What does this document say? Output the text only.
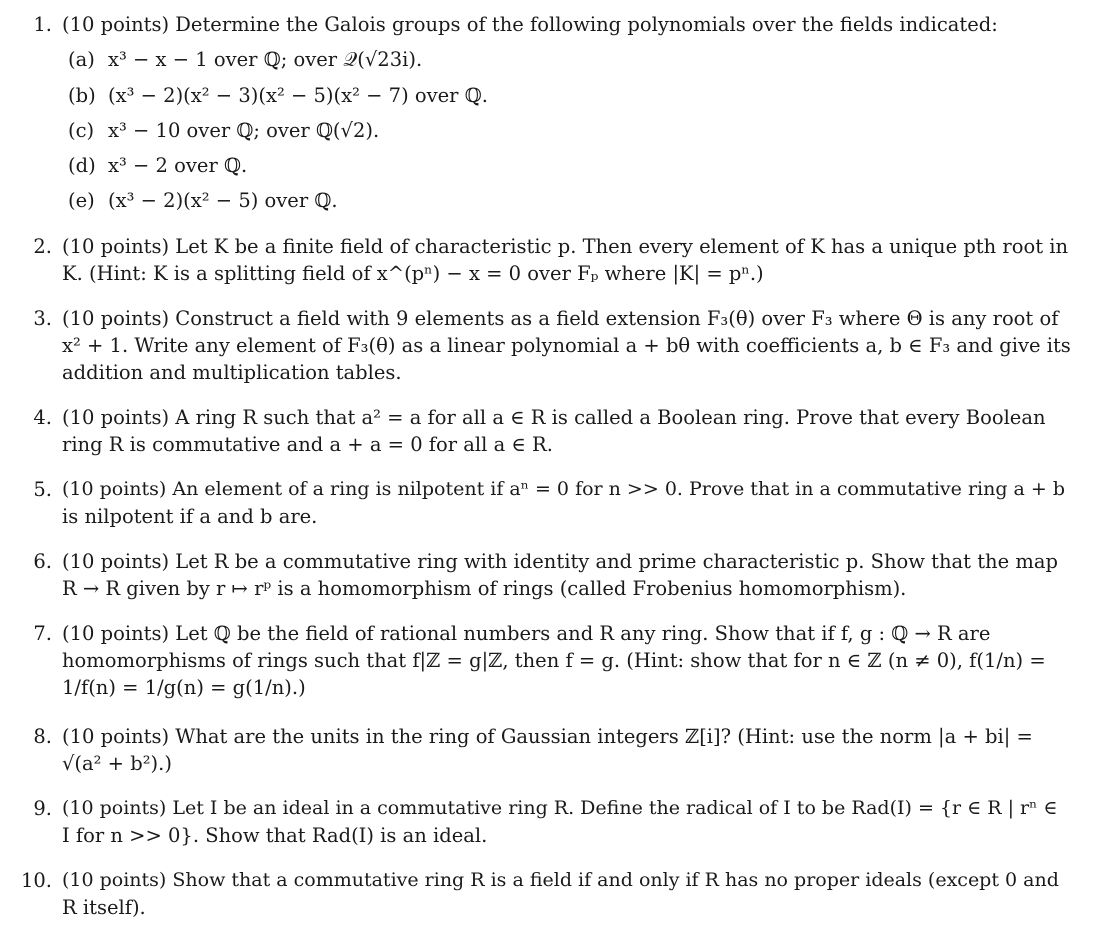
1. (10 points) Determine the Galois groups of the following polynomials over the fields indicated:
(a) x³ − x − 1 over ℚ; over 𝒬(√23i).
(b) (x³ − 2)(x² − 3)(x² − 5)(x² − 7) over ℚ.
(c) x³ − 10 over ℚ; over ℚ(√2).
(d) x³ − 2 over ℚ.
(e) (x³ − 2)(x² − 5) over ℚ.
2. (10 points) Let K be a finite field of characteristic p. Then every element of K has a unique pth root in
K. (Hint: K is a splitting field of x^(pⁿ) − x = 0 over Fₚ where |K| = pⁿ.)
3. (10 points) Construct a field with 9 elements as a field extension F₃(θ) over F₃ where Θ is any root of
x² + 1. Write any element of F₃(θ) as a linear polynomial a + bθ with coefficients a, b ∈ F₃ and give its
addition and multiplication tables.
4. (10 points) A ring R such that a² = a for all a ∈ R is called a Boolean ring. Prove that every Boolean
ring R is commutative and a + a = 0 for all a ∈ R.
5. (10 points) An element of a ring is nilpotent if aⁿ = 0 for n >> 0. Prove that in a commutative ring a + b
is nilpotent if a and b are.
6. (10 points) Let R be a commutative ring with identity and prime characteristic p. Show that the map
R → R given by r ↦ rᵖ is a homomorphism of rings (called Frobenius homomorphism).
7. (10 points) Let ℚ be the field of rational numbers and R any ring. Show that if f, g : ℚ → R are
homomorphisms of rings such that f|ℤ = g|ℤ, then f = g. (Hint: show that for n ∈ ℤ (n ≠ 0), f(1/n) =
1/f(n) = 1/g(n) = g(1/n).)
8. (10 points) What are the units in the ring of Gaussian integers ℤ[i]? (Hint: use the norm |a + bi| =
√(a² + b²).)
9. (10 points) Let I be an ideal in a commutative ring R. Define the radical of I to be Rad(I) = {r ∈ R | rⁿ ∈
I for n >> 0}. Show that Rad(I) is an ideal.
10. (10 points) Show that a commutative ring R is a field if and only if R has no proper ideals (except 0 and
R itself).
